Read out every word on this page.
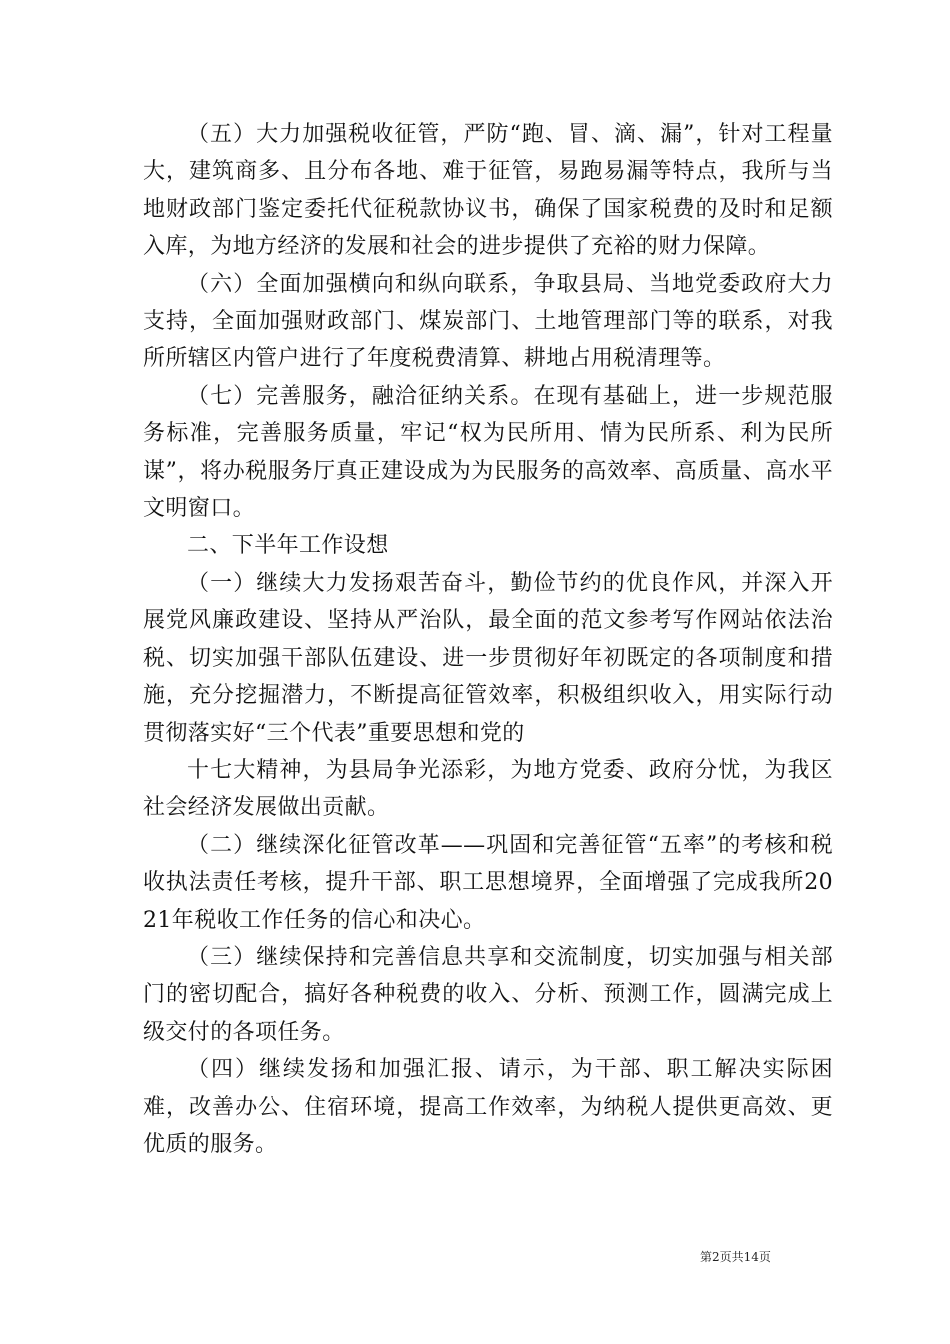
（五）大力加强税收征管，严防“跑、冒、滴、漏”，针对工程量大，建筑商多、且分布各地、难于征管，易跑易漏等特点，我所与当地财政部门鉴定委托代征税款协议书，确保了国家税费的及时和足额入库，为地方经济的发展和社会的进步提供了充裕的财力保障。

（六）全面加强横向和纵向联系，争取县局、当地党委政府大力支持，全面加强财政部门、煤炭部门、土地管理部门等的联系，对我所所辖区内管户进行了年度税费清算、耕地占用税清理等。

（七）完善服务，融洽征纳关系。在现有基础上，进一步规范服务标准，完善服务质量，牢记“权为民所用、情为民所系、利为民所谋”，将办税服务厅真正建设成为为民服务的高效率、高质量、高水平文明窗口。

二、下半年工作设想

（一）继续大力发扬艰苦奋斗，勤俭节约的优良作风，并深入开展党风廉政建设、坚持从严治队，最全面的范文参考写作网站依法治税、切实加强干部队伍建设、进一步贯彻好年初既定的各项制度和措施，充分挖掘潜力，不断提高征管效率，积极组织收入，用实际行动贯彻落实好“三个代表”重要思想和党的

十七大精神，为县局争光添彩，为地方党委、政府分忧，为我区社会经济发展做出贡献。

（二）继续深化征管改革——巩固和完善征管“五率”的考核和税收执法责任考核，提升干部、职工思想境界，全面增强了完成我所2021年税收工作任务的信心和决心。

（三）继续保持和完善信息共享和交流制度，切实加强与相关部门的密切配合，搞好各种税费的收入、分析、预测工作，圆满完成上级交付的各项任务。

（四）继续发扬和加强汇报、请示，为干部、职工解决实际困难，改善办公、住宿环境，提高工作效率，为纳税人提供更高效、更优质的服务。

第2页共14页
